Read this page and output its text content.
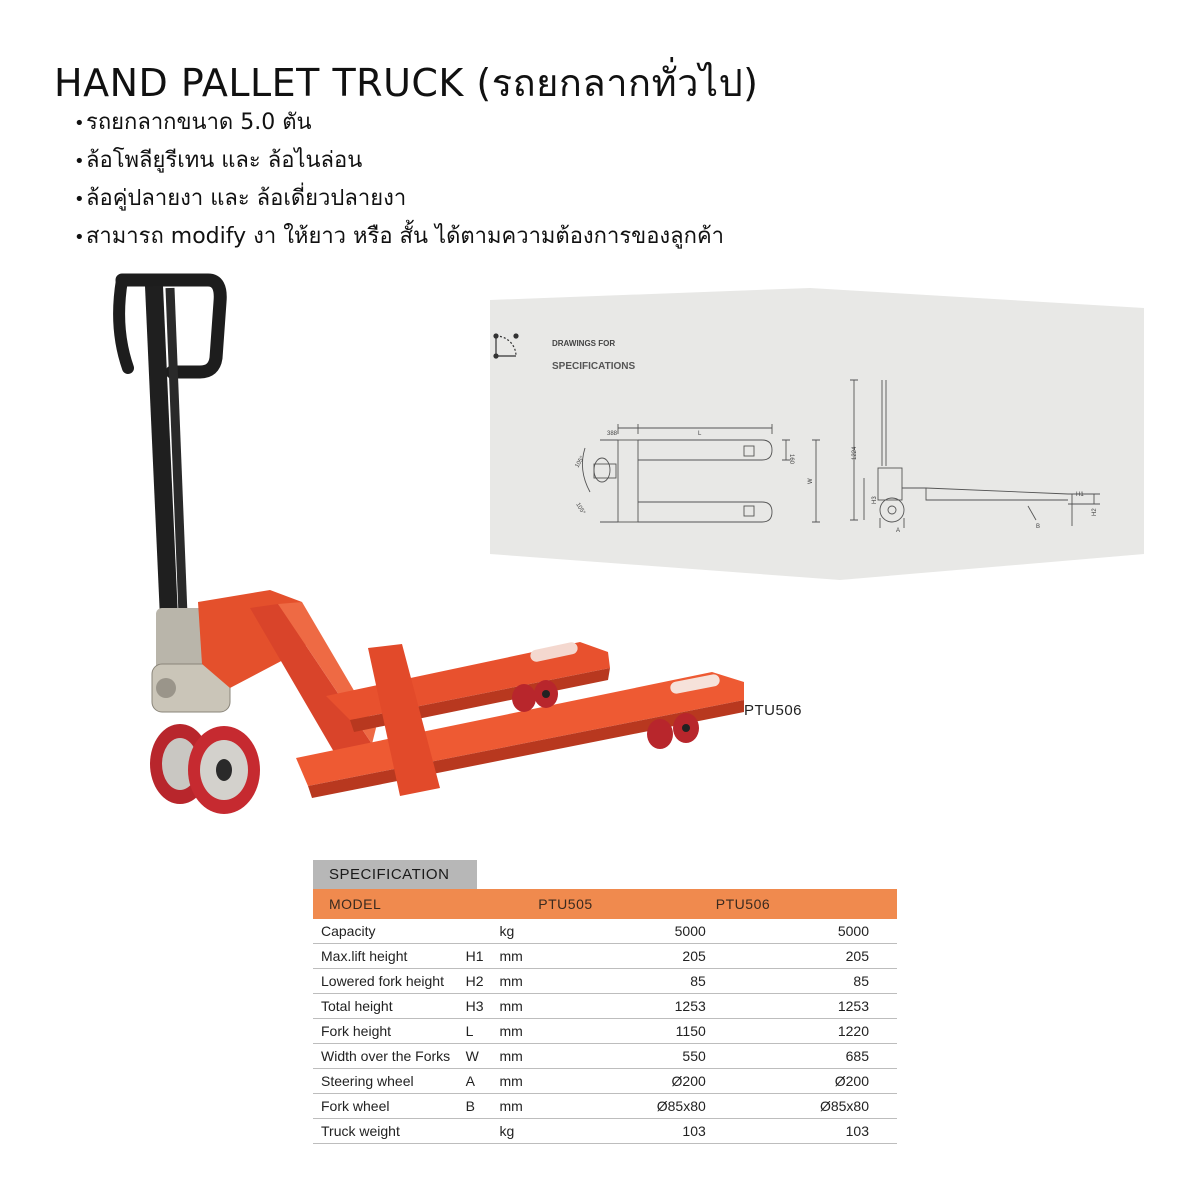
HAND PALLET TRUCK (รถยกลากทั่วไป)
•รถยกลากขนาด 5.0 ตัน
•ล้อโพลียูรีเทน และ ล้อไนล่อน
•ล้อคู่ปลายงา และ ล้อเดี่ยวปลายงา
•สามารถ modify งา ให้ยาว หรือ สั้น ได้ตามความต้องการของลูกค้า
DRAWINGS FOR
SPECIFICATIONS
388	L
160
W
105°
105°
1224
H3
H1
H2
A
B
PTU506
SPECIFICATION
MODEL			PTU505	PTU506
Capacity		kg	5000	5000
Max.lift height	H1	mm	205	205
Lowered fork height	H2	mm	85	85
Total height	H3	mm	1253	1253
Fork height	L	mm	1150	1220
Width over the Forks	W	mm	550	685
Steering wheel	A	mm	Ø200	Ø200
Fork wheel	B	mm	Ø85x80	Ø85x80
Truck weight		kg	103	103
